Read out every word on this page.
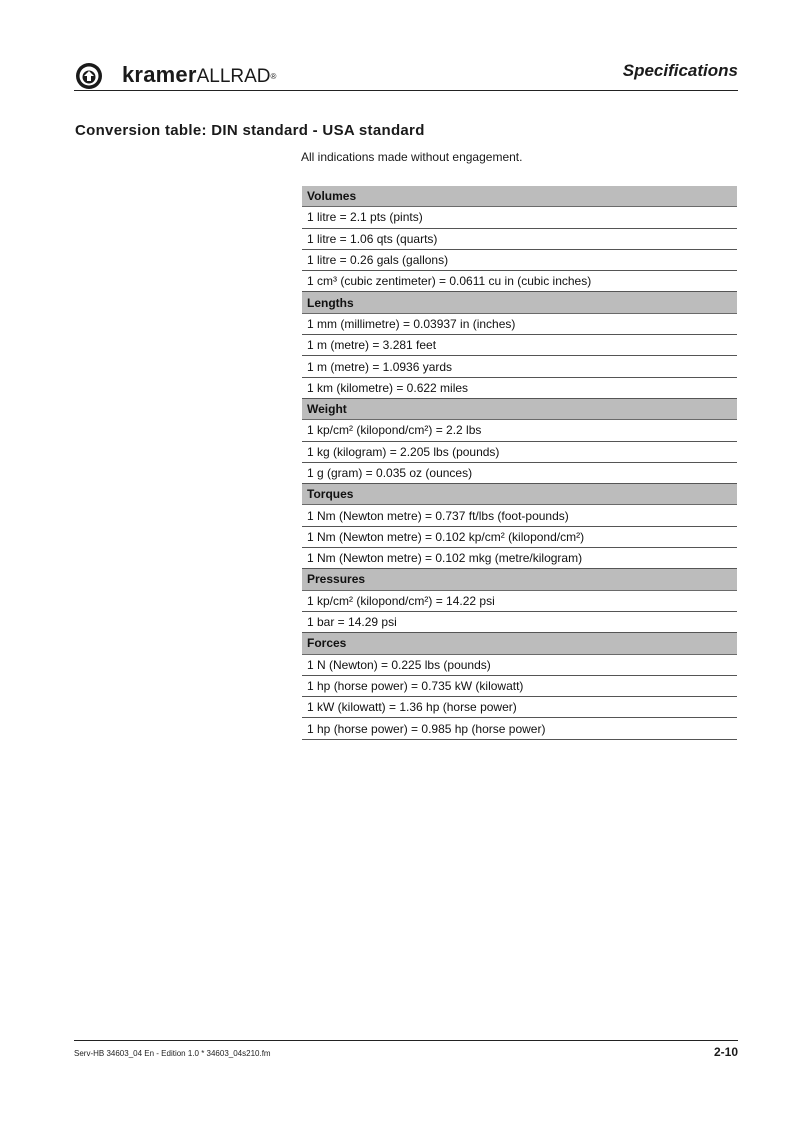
kramerALLRAD®	Specifications
Conversion table: DIN standard - USA standard
All indications made without engagement.
Volumes
1 litre = 2.1 pts (pints)
1 litre = 1.06 qts (quarts)
1 litre = 0.26 gals (gallons)
1 cm³ (cubic zentimeter) = 0.0611 cu in (cubic inches)
Lengths
1 mm (millimetre) = 0.03937 in (inches)
1 m (metre) = 3.281 feet
1 m (metre) = 1.0936 yards
1 km (kilometre) = 0.622 miles
Weight
1 kp/cm² (kilopond/cm²) = 2.2 lbs
1 kg (kilogram) = 2.205 lbs (pounds)
1 g (gram) = 0.035 oz (ounces)
Torques
1 Nm (Newton metre) = 0.737 ft/lbs (foot-pounds)
1 Nm (Newton metre) = 0.102 kp/cm² (kilopond/cm²)
1 Nm (Newton metre) = 0.102 mkg (metre/kilogram)
Pressures
1 kp/cm² (kilopond/cm²) = 14.22 psi
1 bar = 14.29 psi
Forces
1 N (Newton) = 0.225 lbs (pounds)
1 hp (horse power) = 0.735 kW (kilowatt)
1 kW (kilowatt) = 1.36 hp (horse power)
1 hp (horse power) = 0.985 hp (horse power)
Serv-HB 34603_04 En - Edition 1.0 * 34603_04s210.fm	2-10
